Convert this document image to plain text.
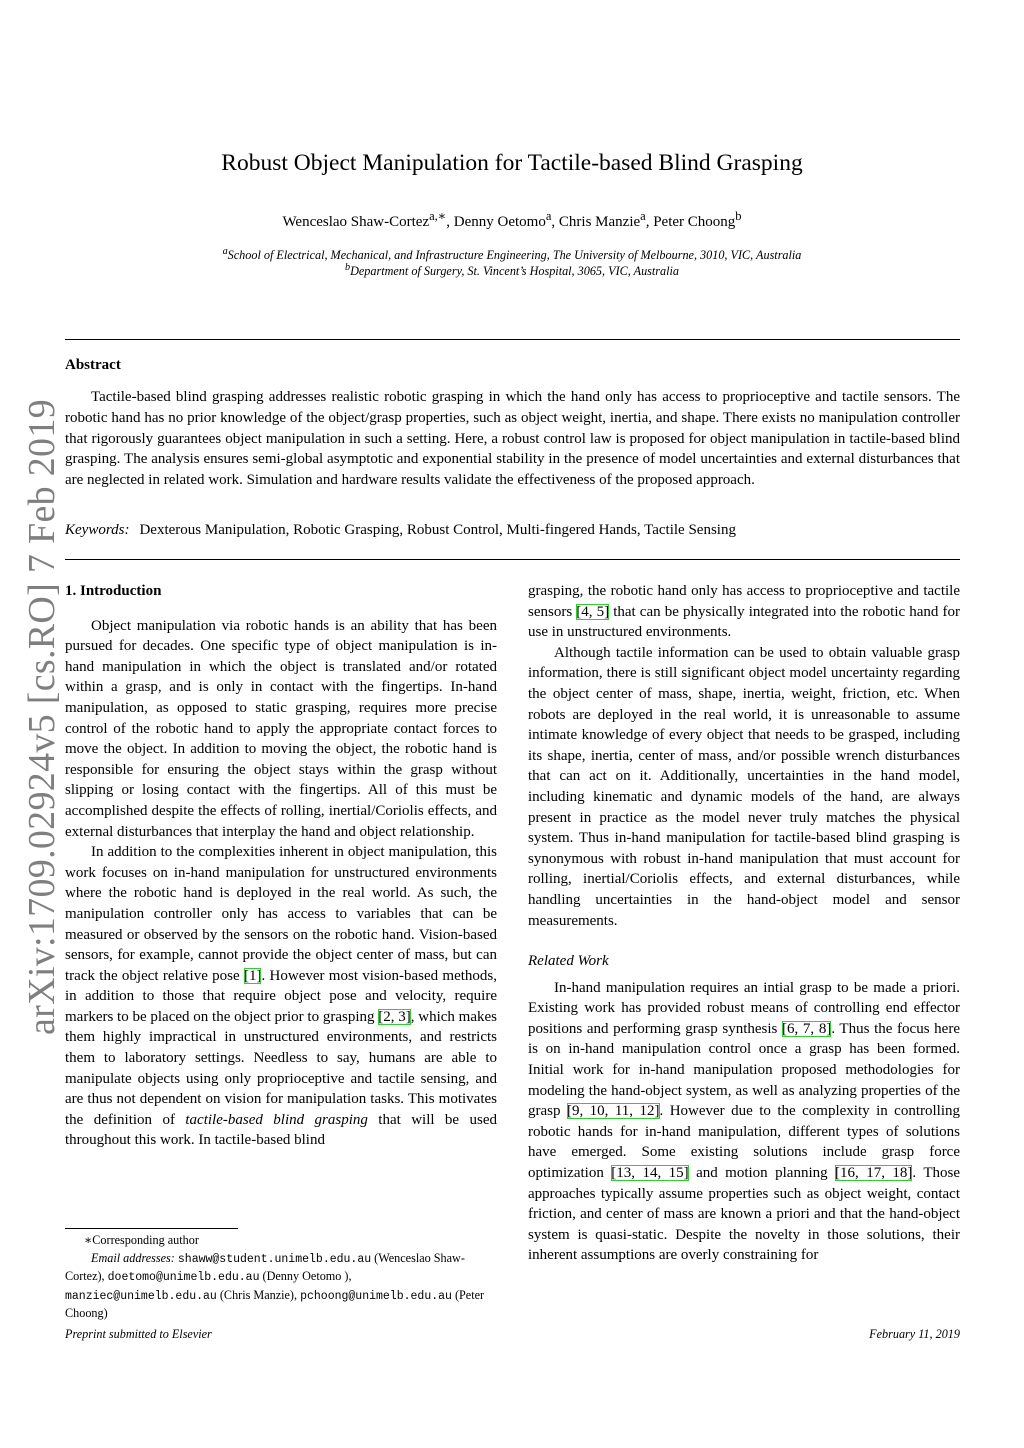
arXiv:1709.02924v5 [cs.RO] 7 Feb 2019
Robust Object Manipulation for Tactile-based Blind Grasping
Wenceslao Shaw-Cortez$^{a,∗}$, Denny Oetomo$^a$, Chris Manzie$^a$, Peter Choong$^b$
$^a$School of Electrical, Mechanical, and Infrastructure Engineering, The University of Melbourne, 3010, VIC, Australia
$^b$Department of Surgery, St. Vincent’s Hospital, 3065, VIC, Australia
Abstract
Tactile-based blind grasping addresses realistic robotic grasping in which the hand only has access to proprioceptive and tactile sensors. The robotic hand has no prior knowledge of the object/grasp properties, such as object weight, inertia, and shape. There exists no manipulation controller that rigorously guarantees object manipulation in such a setting. Here, a robust control law is proposed for object manipulation in tactile-based blind grasping. The analysis ensures semi-global asymptotic and exponential stability in the presence of model uncertainties and external disturbances that are neglected in related work. Simulation and hardware results validate the effectiveness of the proposed approach.
Keywords: Dexterous Manipulation, Robotic Grasping, Robust Control, Multi-fingered Hands, Tactile Sensing
1. Introduction

Object manipulation via robotic hands is an ability that has been pursued for decades. One specific type of object manipulation is in-hand manipulation in which the object is translated and/or rotated within a grasp, and is only in contact with the fingertips. In-hand manipulation, as opposed to static grasping, requires more precise control of the robotic hand to apply the appropriate contact forces to move the object. In addition to moving the object, the robotic hand is responsible for ensuring the object stays within the grasp without slipping or losing contact with the fingertips. All of this must be accomplished despite the effects of rolling, inertial/Coriolis effects, and external disturbances that interplay the hand and object relationship.

In addition to the complexities inherent in object manipulation, this work focuses on in-hand manipulation for unstructured environments where the robotic hand is deployed in the real world. As such, the manipulation controller only has access to variables that can be measured or observed by the sensors on the robotic hand. Vision-based sensors, for example, cannot provide the object center of mass, but can track the object relative pose [1]. However most vision-based methods, in addition to those that require object pose and velocity, require markers to be placed on the object prior to grasping [2, 3], which makes them highly impractical in unstructured environments, and restricts them to laboratory settings. Needless to say, humans are able to manipulate objects using only proprioceptive and tactile sensing, and are thus not dependent on vision for manipulation tasks. This motivates the definition of tactile-based blind grasping that will be used throughout this work. In tactile-based blind

∗Corresponding author
Email addresses: shaww@student.unimelb.edu.au (Wenceslao Shaw-Cortez), doetomo@unimelb.edu.au (Denny Oetomo ), manziec@unimelb.edu.au (Chris Manzie), pchoong@unimelb.edu.au (Peter Choong)

grasping, the robotic hand only has access to proprioceptive and tactile sensors [4, 5] that can be physically integrated into the robotic hand for use in unstructured environments.

Although tactile information can be used to obtain valuable grasp information, there is still significant object model uncertainty regarding the object center of mass, shape, inertia, weight, friction, etc. When robots are deployed in the real world, it is unreasonable to assume intimate knowledge of every object that needs to be grasped, including its shape, inertia, center of mass, and/or possible wrench disturbances that can act on it. Additionally, uncertainties in the hand model, including kinematic and dynamic models of the hand, are always present in practice as the model never truly matches the physical system. Thus in-hand manipulation for tactile-based blind grasping is synonymous with robust in-hand manipulation that must account for rolling, inertial/Coriolis effects, and external disturbances, while handling uncertainties in the hand-object model and sensor measurements.

Related Work

In-hand manipulation requires an intial grasp to be made a priori. Existing work has provided robust means of controlling end effector positions and performing grasp synthesis [6, 7, 8]. Thus the focus here is on in-hand manipulation control once a grasp has been formed. Initial work for in-hand manipulation proposed methodologies for modeling the hand-object system, as well as analyzing properties of the grasp [9, 10, 11, 12]. However due to the complexity in controlling robotic hands for in-hand manipulation, different types of solutions have emerged. Some existing solutions include grasp force optimization [13, 14, 15] and motion planning [16, 17, 18]. Those approaches typically assume properties such as object weight, contact friction, and center of mass are known a priori and that the hand-object system is quasi-static. Despite the novelty in those solutions, their inherent assumptions are overly constraining for

Preprint submitted to Elsevier	February 11, 2019
